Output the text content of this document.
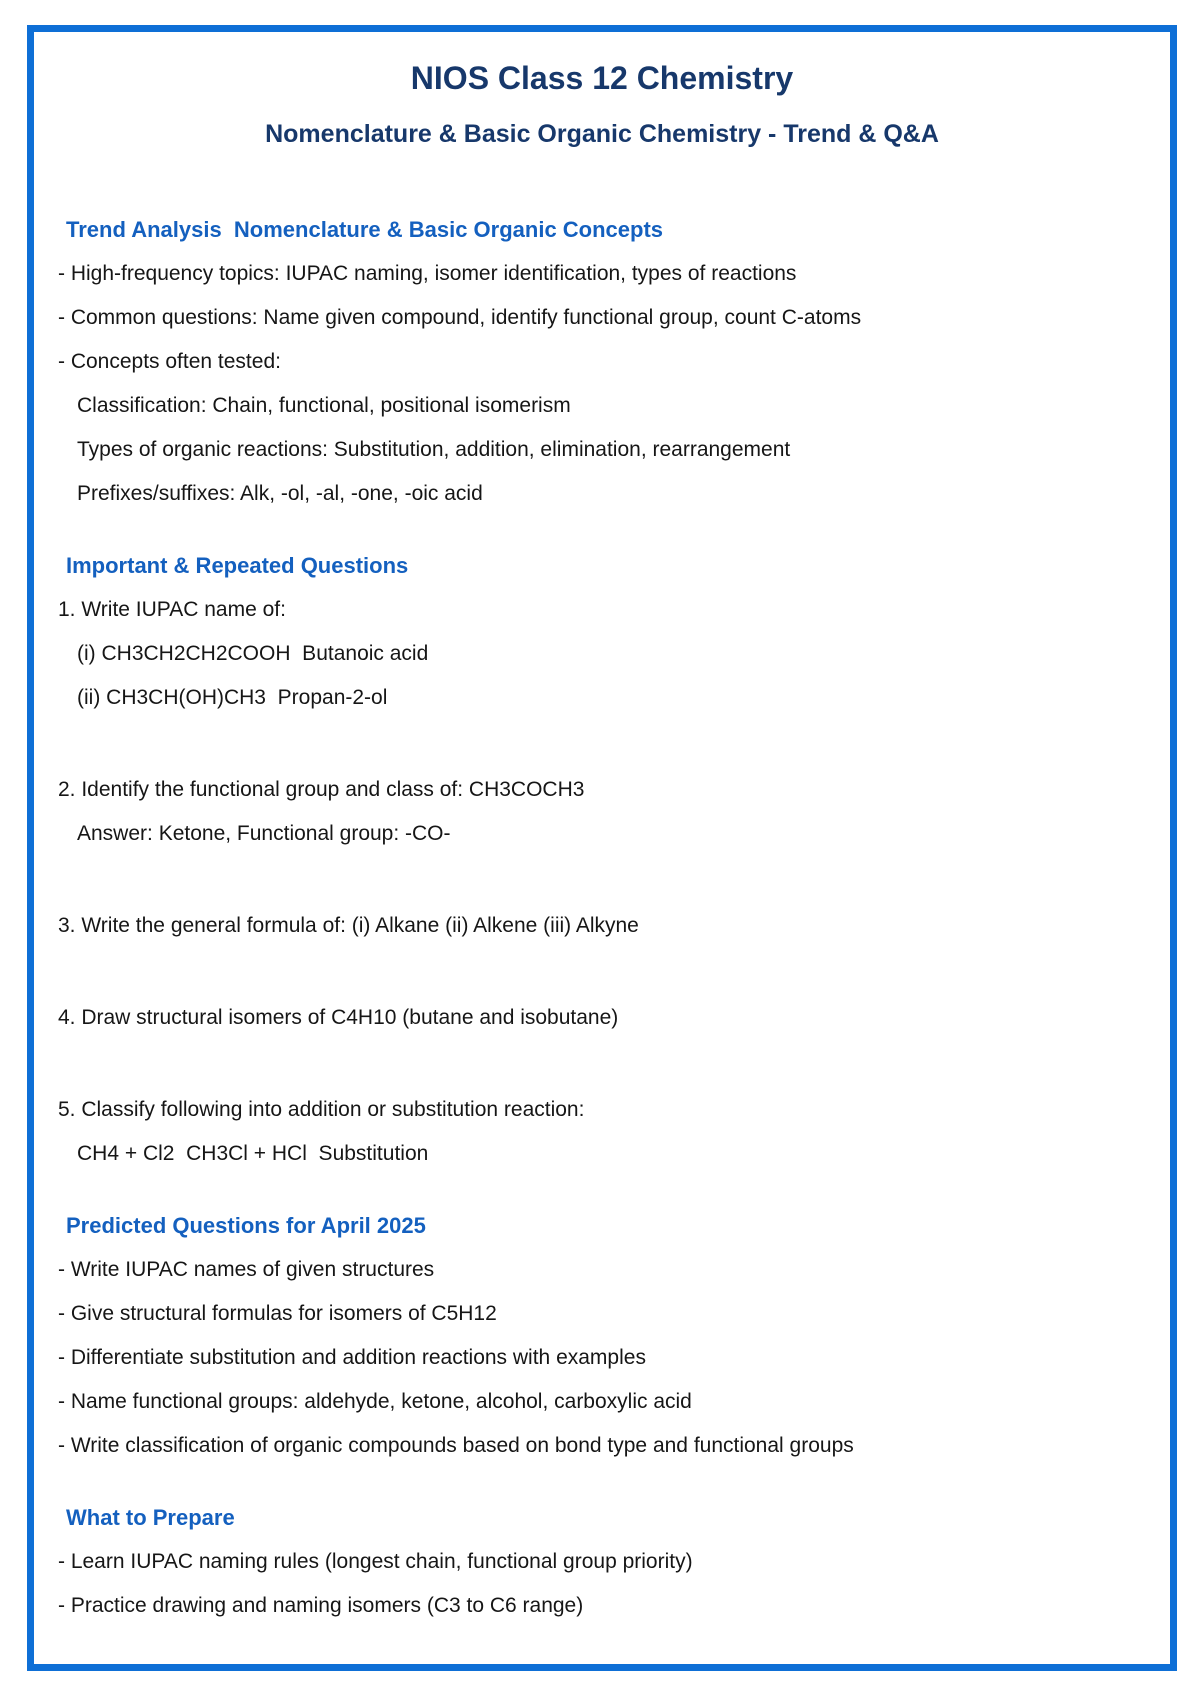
NIOS Class 12 Chemistry
Nomenclature & Basic Organic Chemistry - Trend & Q&A
Trend Analysis  Nomenclature & Basic Organic Concepts
- High-frequency topics: IUPAC naming, isomer identification, types of reactions
- Common questions: Name given compound, identify functional group, count C-atoms
- Concepts often tested:
Classification: Chain, functional, positional isomerism
Types of organic reactions: Substitution, addition, elimination, rearrangement
Prefixes/suffixes: Alk, -ol, -al, -one, -oic acid
Important & Repeated Questions
1. Write IUPAC name of:
(i) CH3CH2CH2COOH  Butanoic acid
(ii) CH3CH(OH)CH3  Propan-2-ol
2. Identify the functional group and class of: CH3COCH3
Answer: Ketone, Functional group: -CO-
3. Write the general formula of: (i) Alkane (ii) Alkene (iii) Alkyne
4. Draw structural isomers of C4H10 (butane and isobutane)
5. Classify following into addition or substitution reaction:
CH4 + Cl2  CH3Cl + HCl  Substitution
Predicted Questions for April 2025
- Write IUPAC names of given structures
- Give structural formulas for isomers of C5H12
- Differentiate substitution and addition reactions with examples
- Name functional groups: aldehyde, ketone, alcohol, carboxylic acid
- Write classification of organic compounds based on bond type and functional groups
What to Prepare
- Learn IUPAC naming rules (longest chain, functional group priority)
- Practice drawing and naming isomers (C3 to C6 range)
